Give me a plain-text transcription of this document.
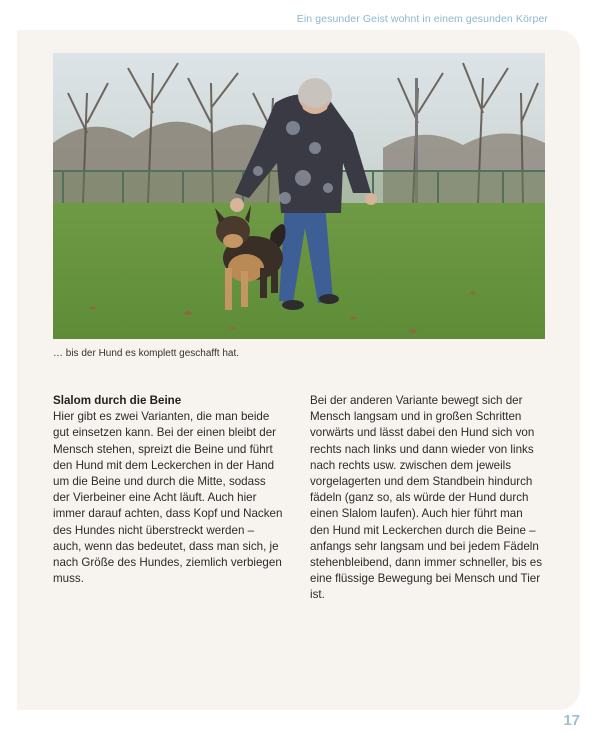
Ein gesunder Geist wohnt in einem gesunden Körper
… bis der Hund es komplett geschafft hat.
Slalom durch die Beine

Hier gibt es zwei Varianten, die man beide gut einsetzen kann. Bei der einen bleibt der Mensch stehen, spreizt die Beine und führt den Hund mit dem Leckerchen in der Hand um die Beine und durch die Mitte, sodass der Vierbeiner eine Acht läuft. Auch hier immer darauf achten, dass Kopf und Nacken des Hundes nicht überstreckt werden – auch, wenn das bedeutet, dass man sich, je nach Größe des Hundes, ziemlich verbiegen muss.

Bei der anderen Variante bewegt sich der Mensch langsam und in großen Schritten vorwärts und lässt dabei den Hund sich von rechts nach links und dann wieder von links nach rechts usw. zwischen dem jeweils vorgelagerten und dem Standbein hindurch fädeln (ganz so, als würde der Hund durch einen Slalom laufen). Auch hier führt man den Hund mit Leckerchen durch die Beine – anfangs sehr langsam und bei jedem Fädeln stehenbleibend, dann immer schneller, bis es eine flüssige Bewegung bei Mensch und Tier ist.

17
